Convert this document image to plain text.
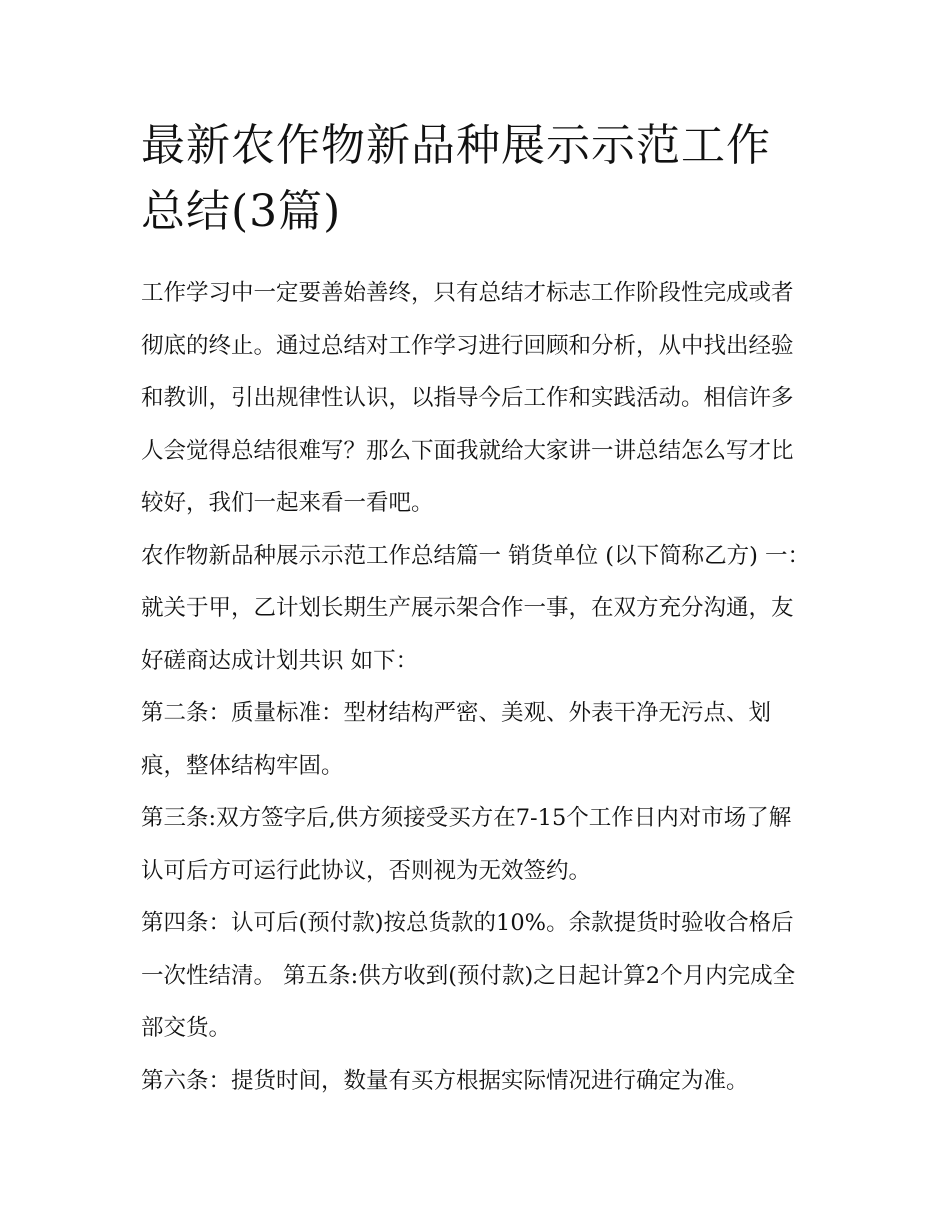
最新农作物新品种展示示范工作总结(3篇)

工作学习中一定要善始善终，只有总结才标志工作阶段性完成或者彻底的终止。通过总结对工作学习进行回顾和分析，从中找出经验和教训，引出规律性认识，以指导今后工作和实践活动。相信许多人会觉得总结很难写？那么下面我就给大家讲一讲总结怎么写才比较好，我们一起来看一看吧。

农作物新品种展示示范工作总结篇一 销货单位 (以下简称乙方) 一：就关于甲，乙计划长期生产展示架合作一事，在双方充分沟通，友好磋商达成计划共识 如下：

第二条：质量标准：型材结构严密、美观、外表干净无污点、划痕，整体结构牢固。

第三条:双方签字后,供方须接受买方在7-15个工作日内对市场了解认可后方可运行此协议，否则视为无效签约。

第四条：认可后(预付款)按总货款的10%。余款提货时验收合格后一次性结清。 第五条:供方收到(预付款)之日起计算2个月内完成全部交货。

第六条：提货时间，数量有买方根据实际情况进行确定为准。
